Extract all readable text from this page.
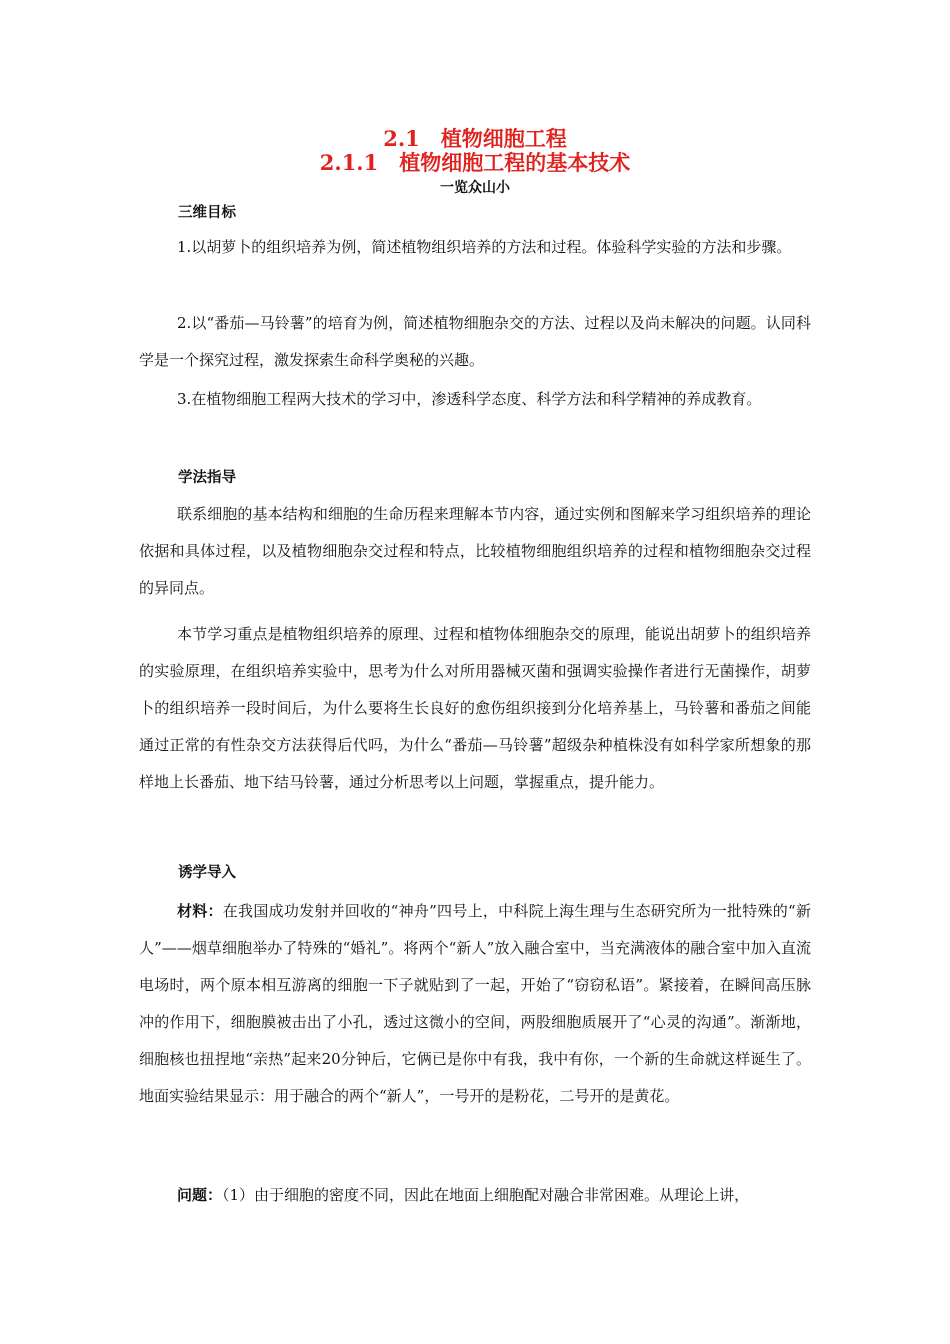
2.1　植物细胞工程
2.1.1　植物细胞工程的基本技术
一览众山小
三维目标
1.以胡萝卜的组织培养为例，简述植物组织培养的方法和过程。体验科学实验的方法和步骤。
2.以“番茄—马铃薯”的培育为例，简述植物细胞杂交的方法、过程以及尚未解决的问题。认同科学是一个探究过程，激发探索生命科学奥秘的兴趣。
3.在植物细胞工程两大技术的学习中，渗透科学态度、科学方法和科学精神的养成教育。
学法指导
联系细胞的基本结构和细胞的生命历程来理解本节内容，通过实例和图解来学习组织培养的理论依据和具体过程，以及植物细胞杂交过程和特点，比较植物细胞组织培养的过程和植物细胞杂交过程的异同点。
本节学习重点是植物组织培养的原理、过程和植物体细胞杂交的原理，能说出胡萝卜的组织培养的实验原理，在组织培养实验中，思考为什么对所用器械灭菌和强调实验操作者进行无菌操作，胡萝卜的组织培养一段时间后，为什么要将生长良好的愈伤组织接到分化培养基上，马铃薯和番茄之间能通过正常的有性杂交方法获得后代吗，为什么“番茄—马铃薯”超级杂种植株没有如科学家所想象的那样地上长番茄、地下结马铃薯，通过分析思考以上问题，掌握重点，提升能力。
诱学导入
材料：在我国成功发射并回收的“神舟”四号上，中科院上海生理与生态研究所为一批特殊的“新人”——烟草细胞举办了特殊的“婚礼”。将两个“新人”放入融合室中，当充满液体的融合室中加入直流电场时，两个原本相互游离的细胞一下子就贴到了一起，开始了“窃窃私语”。紧接着，在瞬间高压脉冲的作用下，细胞膜被击出了小孔，透过这微小的空间，两股细胞质展开了“心灵的沟通”。渐渐地，细胞核也扭捏地“亲热”起来20分钟后，它俩已是你中有我，我中有你，一个新的生命就这样诞生了。地面实验结果显示：用于融合的两个“新人”，一号开的是粉花，二号开的是黄花。
问题：（1）由于细胞的密度不同，因此在地面上细胞配对融合非常困难。从理论上讲，
